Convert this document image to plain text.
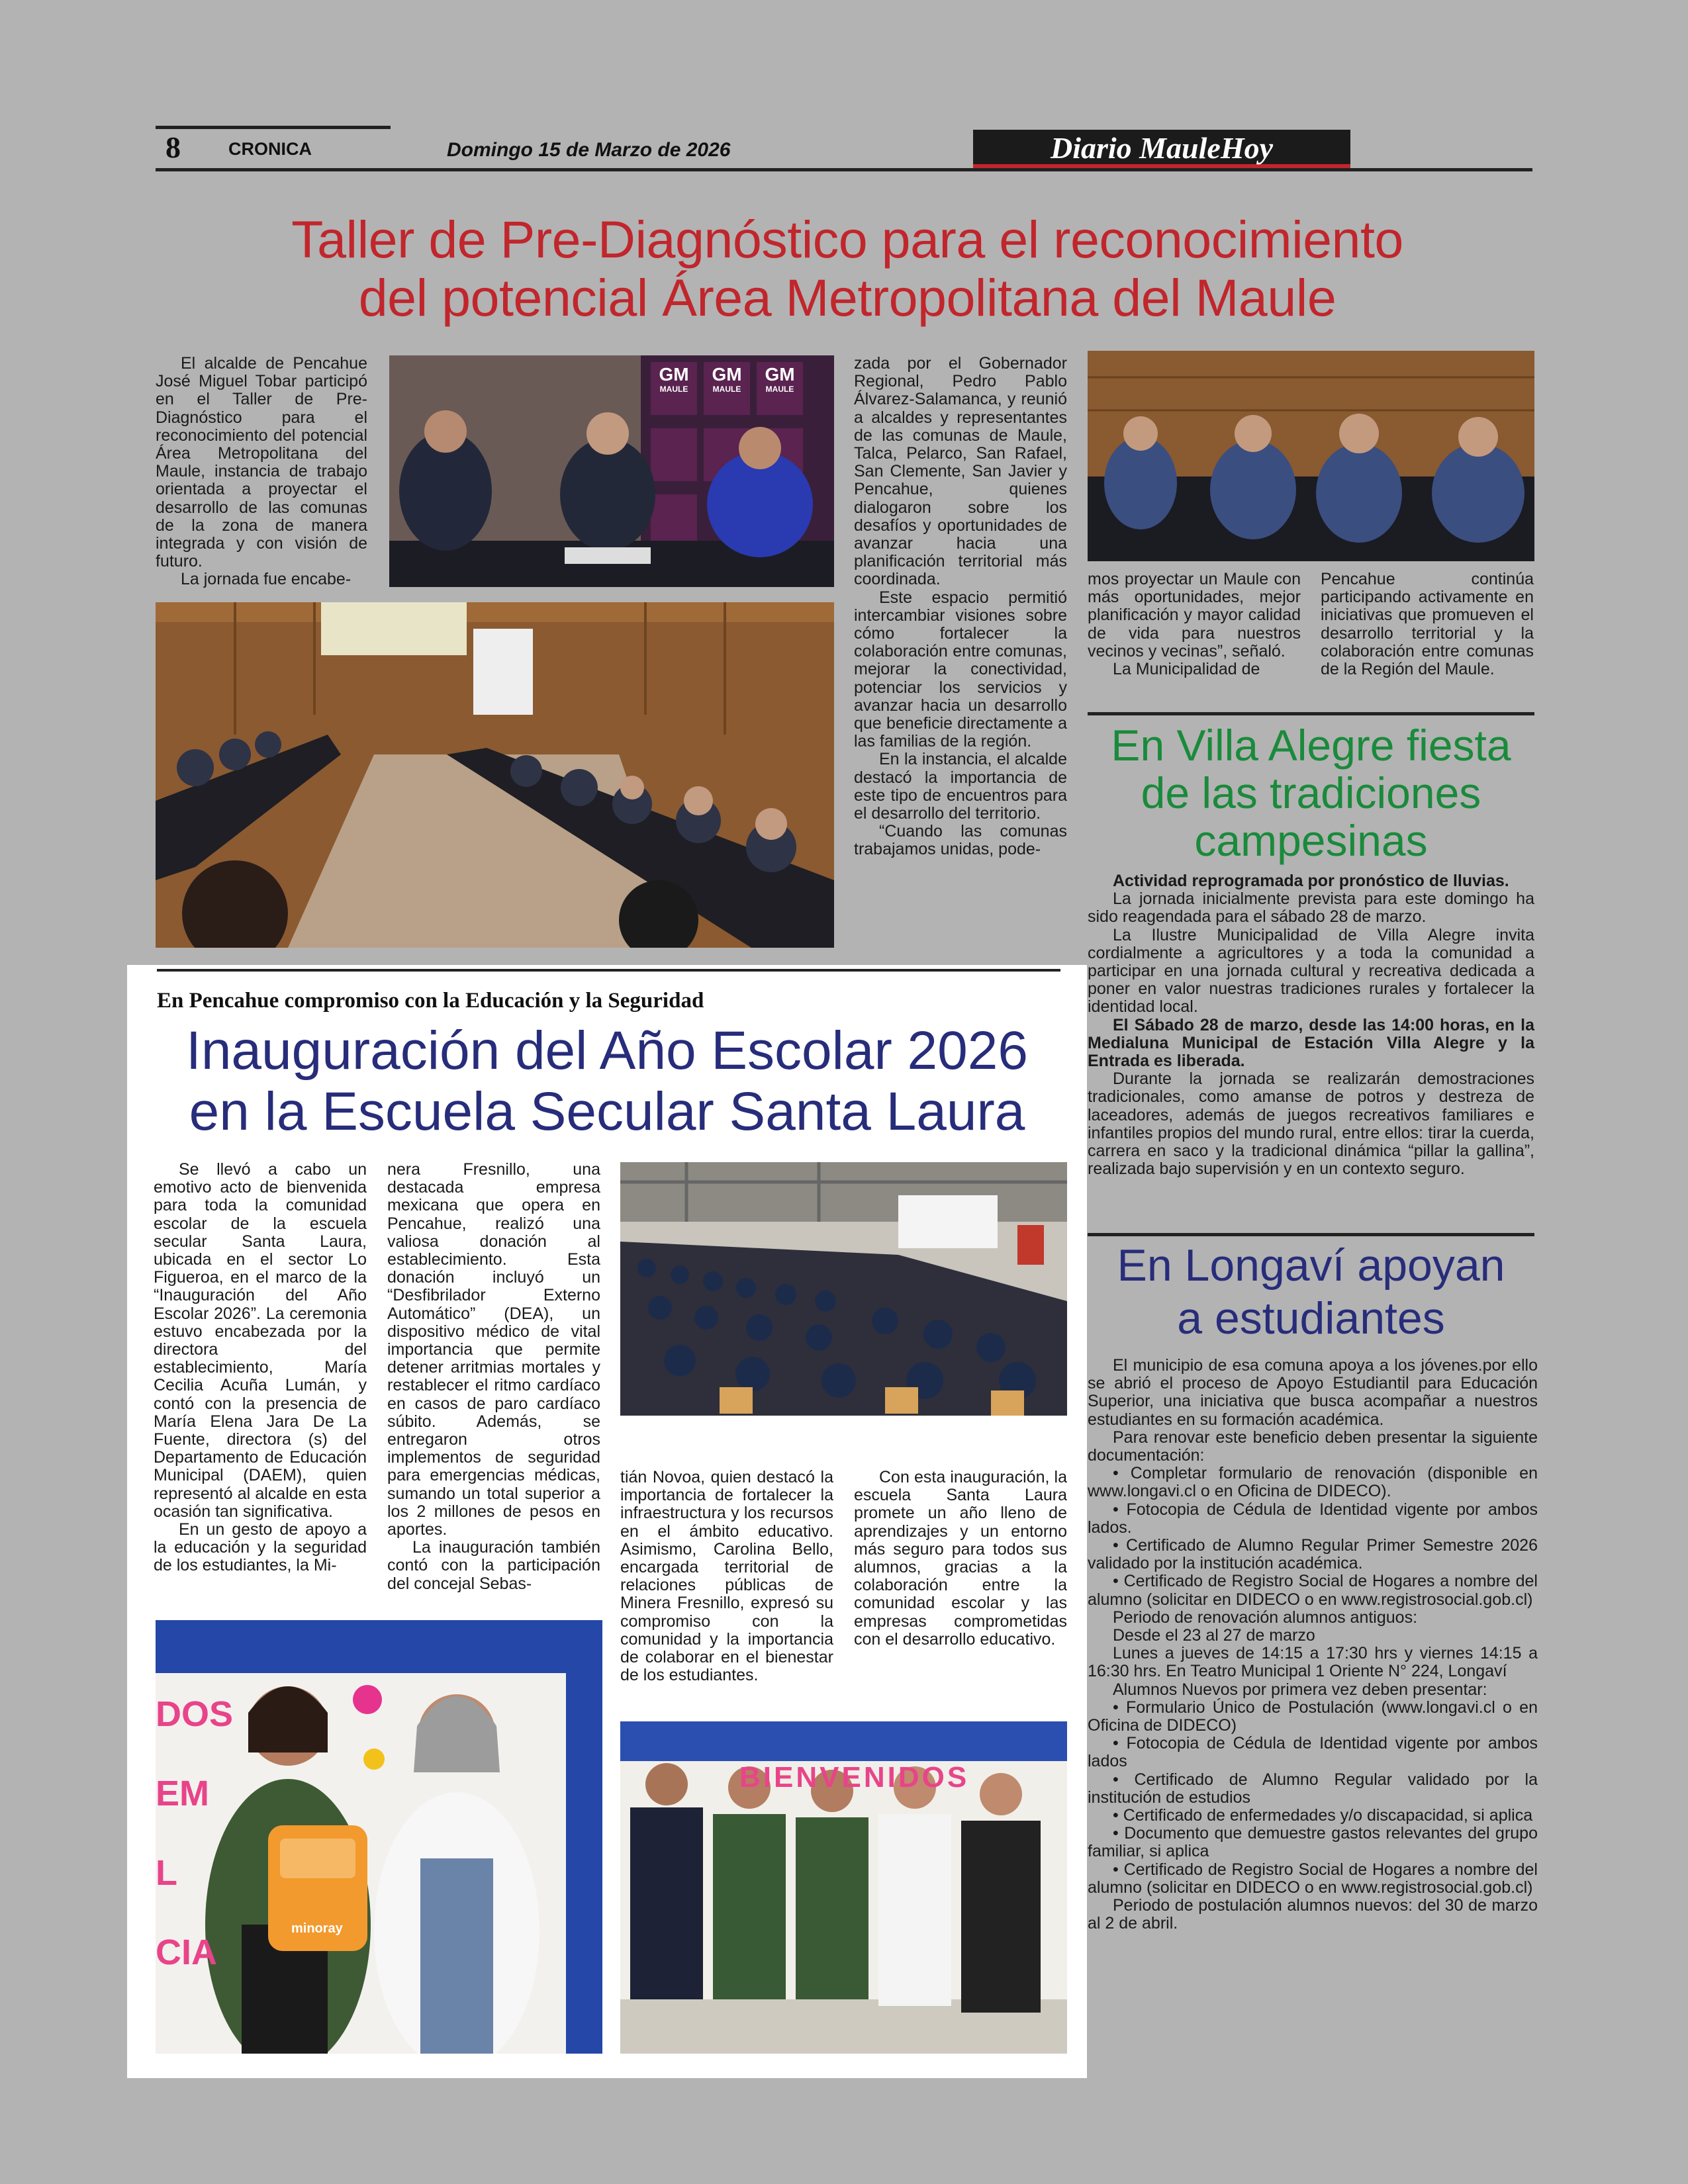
8	CRONICA	Domingo 15 de Marzo de 2026	Diario MauleHoy
Taller de Pre-Diagnóstico para el reconocimiento
del potencial Área Metropolitana del Maule

El alcalde de Pencahue José Miguel Tobar participó en el Taller de Pre-Diagnóstico para el reconocimiento del potencial Área Metropolitana del Maule, instancia de trabajo orientada a proyectar el desarrollo de las comunas de la zona de manera integrada y con visión de futuro.

La jornada fue encabe-

GM
MAULE
GM
MAULE
GM
MAULE

zada por el Gobernador Regional, Pedro Pablo Álvarez-Salamanca, y reunió a alcaldes y representantes de las comunas de Maule, Talca, Pelarco, San Rafael, San Clemente, San Javier y Pencahue, quienes dialogaron sobre los desafíos y oportunidades de avanzar hacia una planificación territorial más coordinada.

Este espacio permitió intercambiar visiones sobre cómo fortalecer la colaboración entre comunas, mejorar la conectividad, potenciar los servicios y avanzar hacia un desarrollo que beneficie directamente a las familias de la región.

En la instancia, el alcalde destacó la importancia de este tipo de encuentros para el desarrollo del territorio.

“Cuando las comunas trabajamos unidas, pode-

mos proyectar un Maule con más oportunidades, mejor planificación y mayor calidad de vida para nuestros vecinos y vecinas”, señaló.

La Municipalidad de

Pencahue continúa participando activamente en iniciativas que promueven el desarrollo territorial y la colaboración entre comunas de la Región del Maule.

En Villa Alegre fiesta
de las tradiciones
campesinas

Actividad reprogramada por pronóstico de lluvias.

La jornada inicialmente prevista para este domingo ha sido reagendada para el sábado 28 de marzo.

La Ilustre Municipalidad de Villa Alegre invita cordialmente a agricultores y a toda la comunidad a participar en una jornada cultural y recreativa dedicada a poner en valor nuestras tradiciones rurales y fortalecer la identidad local.

El Sábado 28 de marzo, desde las 14:00 horas, en la Medialuna Municipal de Estación Villa Alegre y la Entrada es liberada.

Durante la jornada se realizarán demostraciones tradicionales, como amanse de potros y destreza de laceadores, además de juegos recreativos familiares e infantiles propios del mundo rural, entre ellos: tirar la cuerda, carrera en saco y la tradicional dinámica “pillar la gallina”, realizada bajo supervisión y en un contexto seguro.

En Longaví apoyan
a estudiantes

El municipio de esa comuna apoya a los jóvenes.por ello se abrió el proceso de Apoyo Estudiantil para Educación Superior, una iniciativa que busca acompañar a nuestros estudiantes en su formación académica.

Para renovar este beneficio deben presentar la siguiente documentación:

• Completar formulario de renovación (disponible en www.longavi.cl o en Oficina de DIDECO).

• Fotocopia de Cédula de Identidad vigente por ambos lados.

• Certificado de Alumno Regular Primer Semestre 2026 validado por la institución académica.

• Certificado de Registro Social de Hogares a nombre del alumno (solicitar en DIDECO o en www.registrosocial.gob.cl)

Periodo de renovación alumnos antiguos:

Desde el 23 al 27 de marzo

Lunes a jueves de 14:15 a 17:30 hrs y viernes 14:15 a 16:30 hrs. En Teatro Municipal 1 Oriente N° 224, Longaví

Alumnos Nuevos por primera vez deben presentar:

• Formulario Único de Postulación (www.longavi.cl o en Oficina de DIDECO)

• Fotocopia de Cédula de Identidad vigente por ambos lados

• Certificado de Alumno Regular validado por la institución de estudios

• Certificado de enfermedades y/o discapacidad, si aplica

• Documento que demuestre gastos relevantes del grupo familiar, si aplica

• Certificado de Registro Social de Hogares a nombre del alumno (solicitar en DIDECO o en www.registrosocial.gob.cl)

Periodo de postulación alumnos nuevos: del 30 de marzo al 2 de abril.

En Pencahue compromiso con la Educación y la Seguridad
Inauguración del Año Escolar 2026
en la Escuela Secular Santa Laura

Se llevó a cabo un emotivo acto de bienvenida para toda la comunidad escolar de la escuela secular Santa Laura, ubicada en el sector Lo Figueroa, en el marco de la “Inauguración del Año Escolar 2026”. La ceremonia estuvo encabezada por la directora del establecimiento, María Cecilia Acuña Lumán, y contó con la presencia de María Elena Jara De La Fuente, directora (s) del Departamento de Educación Municipal (DAEM), quien representó al alcalde en esta ocasión tan significativa.

En un gesto de apoyo a la educación y la seguridad de los estudiantes, la Mi-

nera Fresnillo, una destacada empresa mexicana que opera en Pencahue, realizó una valiosa donación al establecimiento. Esta donación incluyó un “Desfibrilador Externo Automático” (DEA), un dispositivo médico de vital importancia que permite detener arritmias mortales y restablecer el ritmo cardíaco en casos de paro cardíaco súbito. Además, se entregaron otros implementos de seguridad para emergencias médicas, sumando un total superior a los 2 millones de pesos en aportes.

La inauguración también contó con la participación del concejal Sebas-

tián Novoa, quien destacó la importancia de fortalecer la infraestructura y los recursos en el ámbito educativo. Asimismo, Carolina Bello, encargada territorial de relaciones públicas de Minera Fresnillo, expresó su compromiso con la comunidad y la importancia de colaborar en el bienestar de los estudiantes.

Con esta inauguración, la escuela Santa Laura promete un año lleno de aprendizajes y un entorno más seguro para todos sus alumnos, gracias a la colaboración entre la comunidad escolar y las empresas comprometidas con el desarrollo educativo.

DOS EM L CIA
minoray
BIENVENIDOS
